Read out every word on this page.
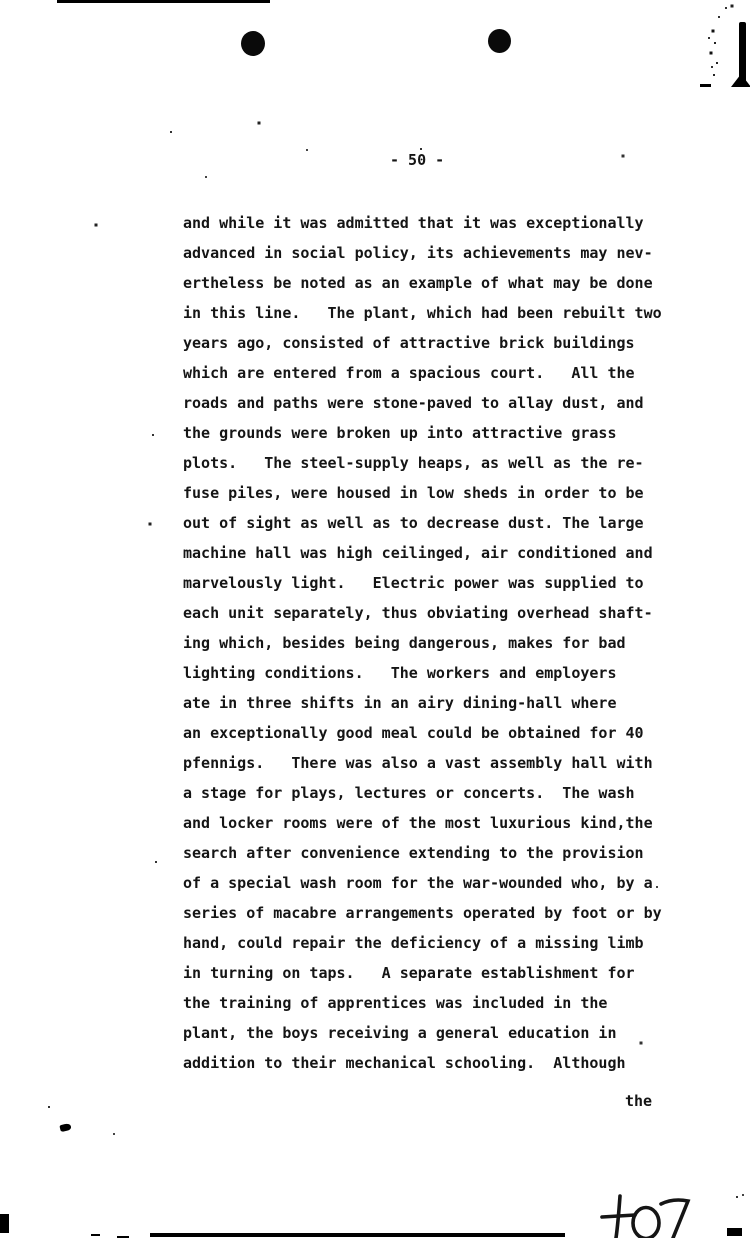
- 50 -
and while it was admitted that it was exceptionally
advanced in social policy, its achievements may nev-
ertheless be noted as an example of what may be done
in this line.   The plant, which had been rebuilt two
years ago, consisted of attractive brick buildings
which are entered from a spacious court.   All the
roads and paths were stone-paved to allay dust, and
the grounds were broken up into attractive grass
plots.   The steel-supply heaps, as well as the re-
fuse piles, were housed in low sheds in order to be
out of sight as well as to decrease dust. The large
machine hall was high ceilinged, air conditioned and
marvelously light.   Electric power was supplied to
each unit separately, thus obviating overhead shaft-
ing which, besides being dangerous, makes for bad
lighting conditions.   The workers and employers
ate in three shifts in an airy dining-hall where
an exceptionally good meal could be obtained for 40
pfennigs.   There was also a vast assembly hall with
a stage for plays, lectures or concerts.  The wash
and locker rooms were of the most luxurious kind,the
search after convenience extending to the provision
of a special wash room for the war-wounded who, by a
series of macabre arrangements operated by foot or by
hand, could repair the deficiency of a missing limb
in turning on taps.   A separate establishment for
the training of apprentices was included in the
plant, the boys receiving a general education in
addition to their mechanical schooling.  Although
the
